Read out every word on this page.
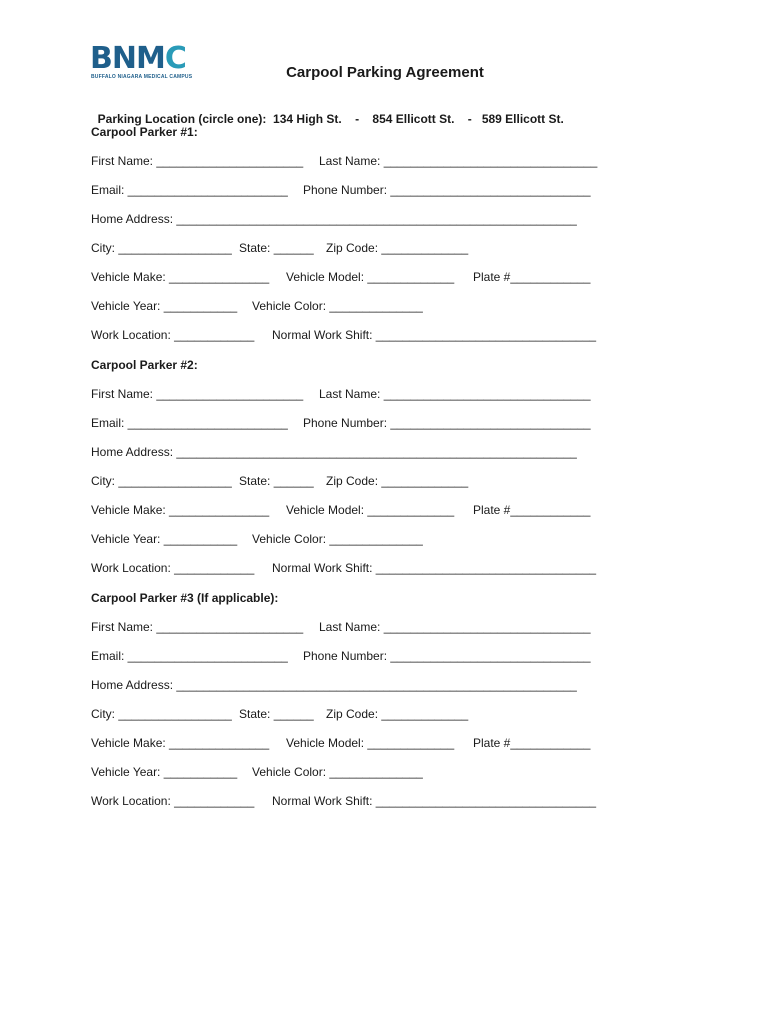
BNMC
BUFFALO NIAGARA MEDICAL CAMPUS	Carpool Parking Agreement

Parking Location (circle one): 134 High St. - 854 Ellicott St. - 589 Ellicott St.

Carpool Parker #1:
First Name: ______________________ Last Name: ________________________________
Email: ________________________ Phone Number: ______________________________
Home Address: ____________________________________________________________
City: _________________ State: ______ Zip Code: _____________
Vehicle Make: _______________ Vehicle Model: _____________ Plate #____________
Vehicle Year: ___________ Vehicle Color: ______________
Work Location: ____________ Normal Work Shift: _________________________________
Carpool Parker #2:
First Name: ______________________ Last Name: _______________________________
Email: ________________________ Phone Number: ______________________________
Home Address: ____________________________________________________________
City: _________________ State: ______ Zip Code: _____________
Vehicle Make: _______________ Vehicle Model: _____________ Plate #____________
Vehicle Year: ___________ Vehicle Color: ______________
Work Location: ____________ Normal Work Shift: _________________________________
Carpool Parker #3 (If applicable):
First Name: ______________________ Last Name: _______________________________
Email: ________________________ Phone Number: ______________________________
Home Address: ____________________________________________________________
City: _________________ State: ______ Zip Code: _____________
Vehicle Make: _______________ Vehicle Model: _____________ Plate #____________
Vehicle Year: ___________ Vehicle Color: ______________
Work Location: ____________ Normal Work Shift: _________________________________
